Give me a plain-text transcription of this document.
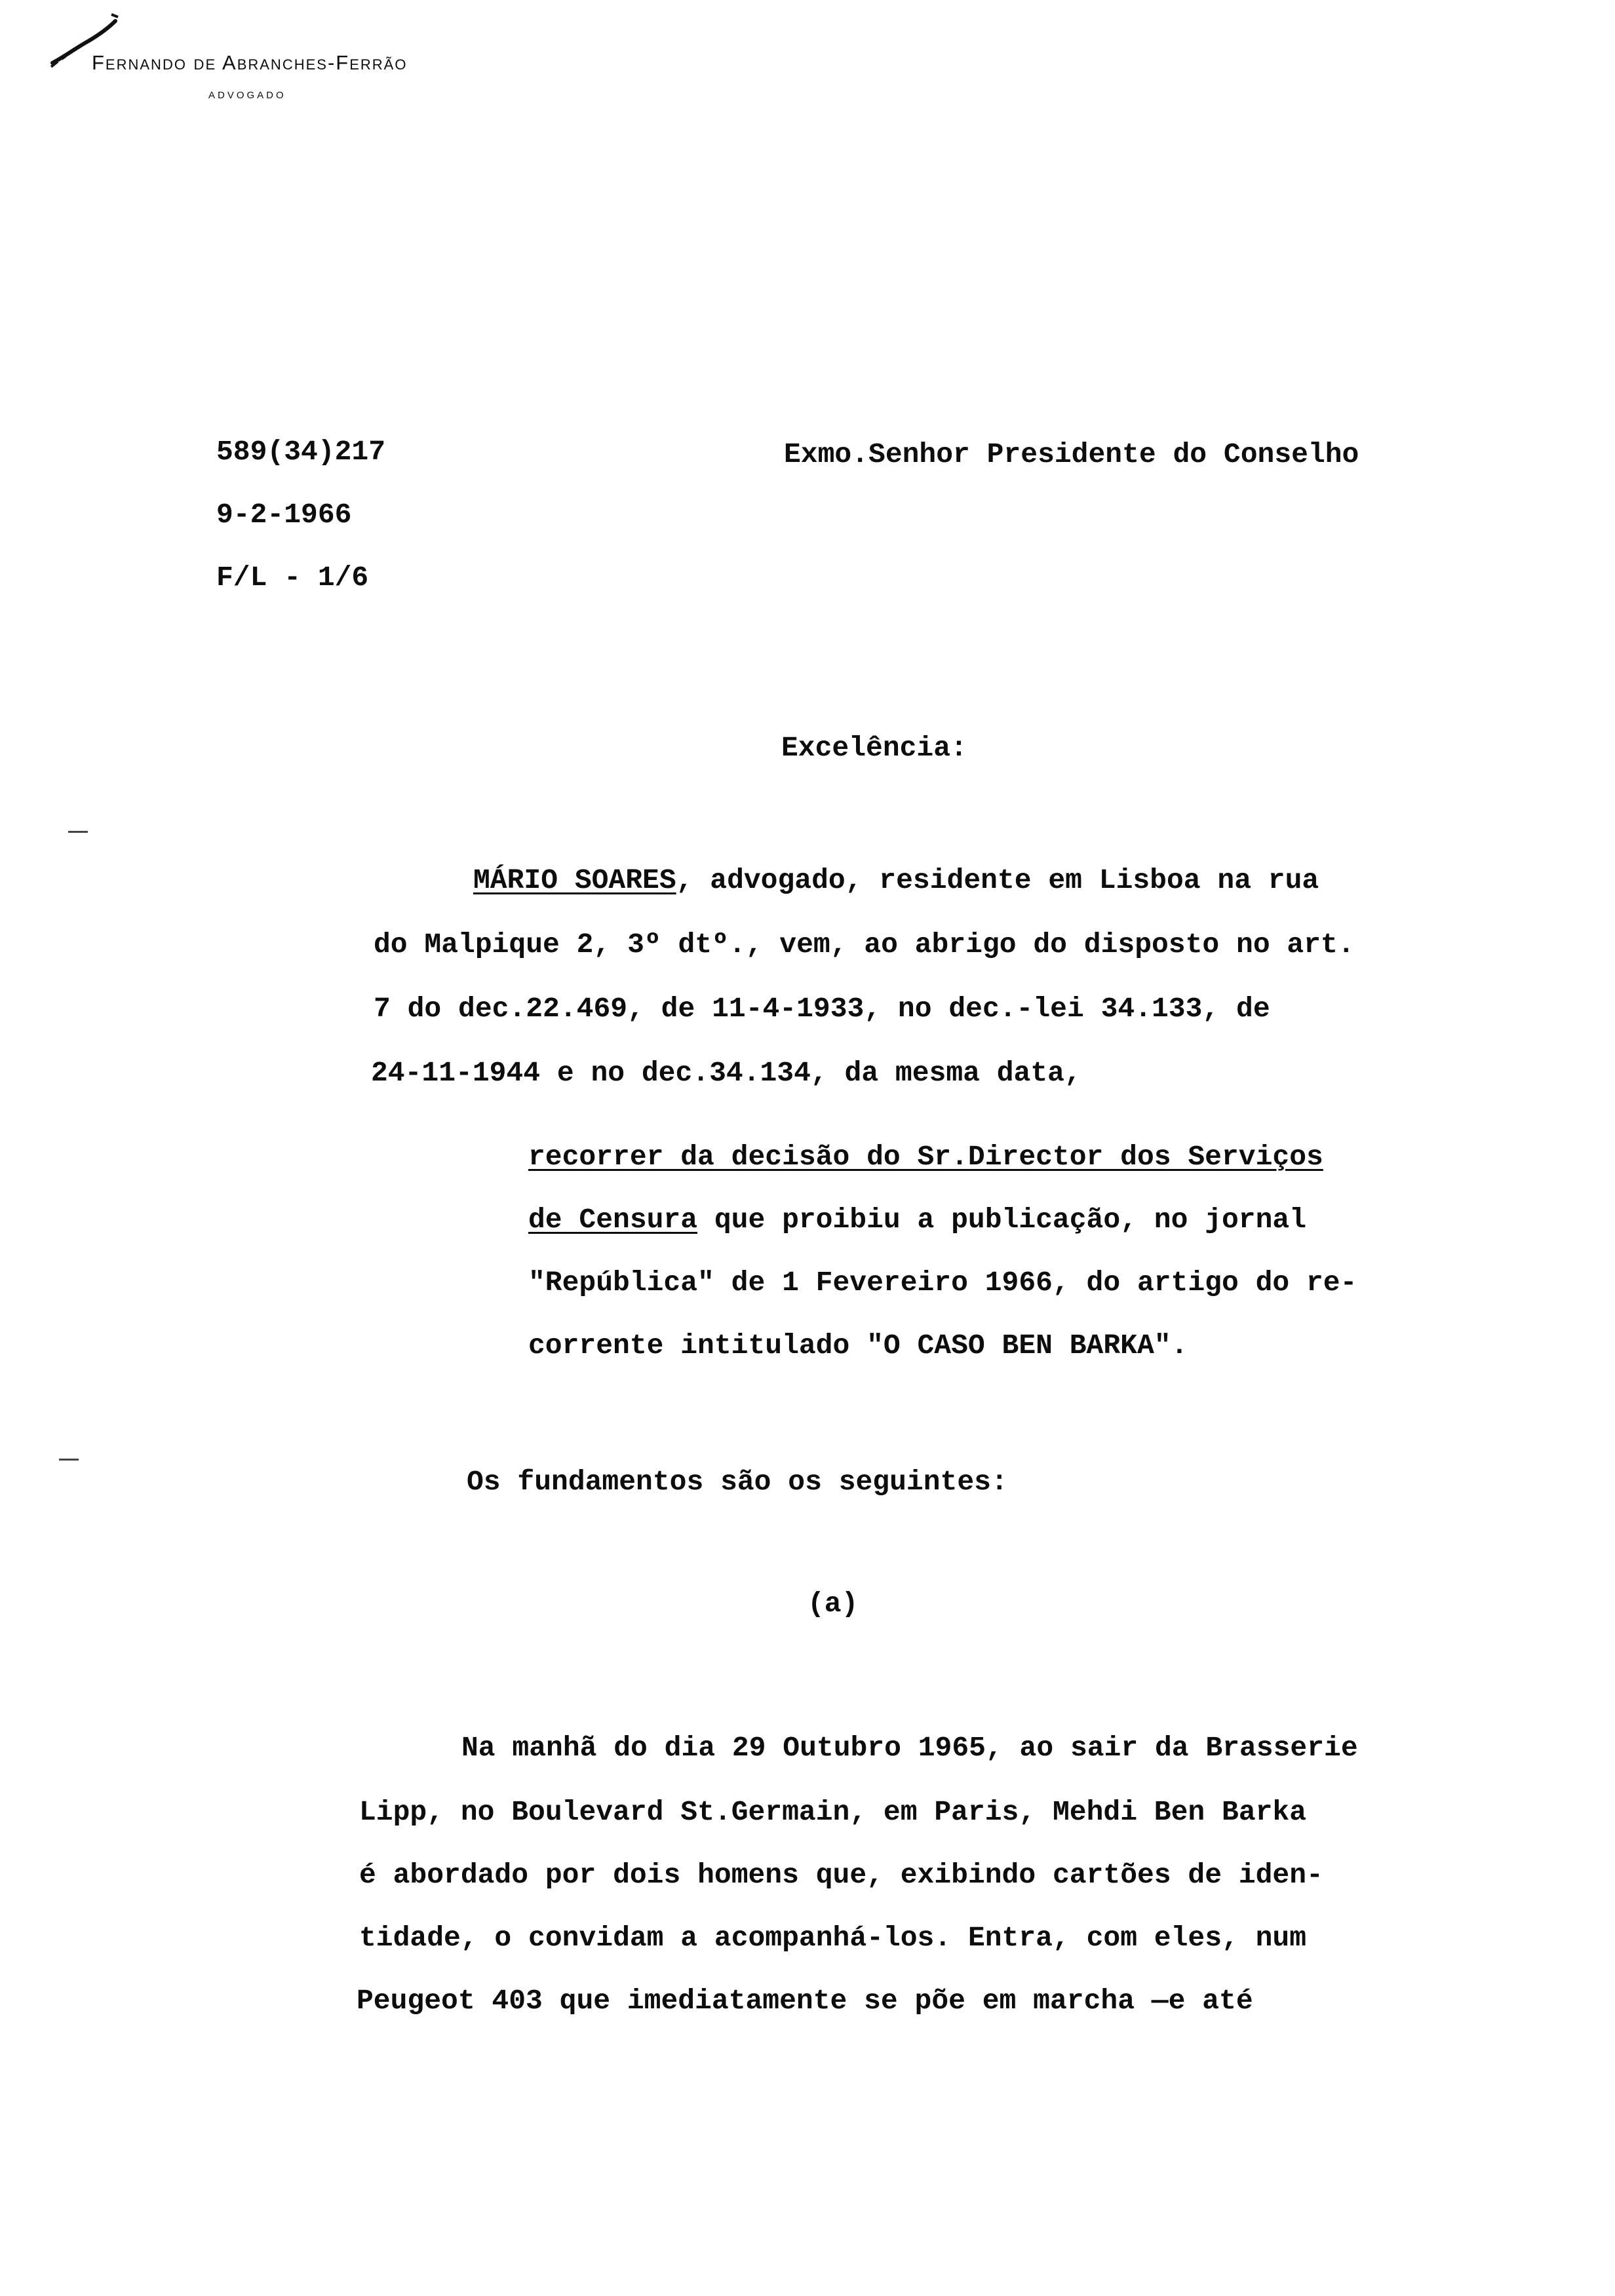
Fernando de Abranches-Ferrão
advogado

589(34)217

9-2-1966

F/L - 1/6

Exmo.Senhor Presidente do Conselho

Excelência:

MÁRIO SOARES, advogado, residente em Lisboa na rua

do Malpique 2, 3º dtº., vem, ao abrigo do disposto no art.

7 do dec.22.469, de 11-4-1933, no dec.-lei 34.133, de

24-11-1944 e no dec.34.134, da mesma data,

recorrer da decisão do Sr.Director dos Serviços

de Censura que proibiu a publicação, no jornal

"República" de 1 Fevereiro 1966, do artigo do re-

corrente intitulado "O CASO BEN BARKA".

Os fundamentos são os seguintes:

(a)

Na manhã do dia 29 Outubro 1965, ao sair da Brasserie

Lipp, no Boulevard St.Germain, em Paris, Mehdi Ben Barka

é abordado por dois homens que, exibindo cartões de iden-

tidade, o convidam a acompanhá-los. Entra, com eles, num

Peugeot 403 que imediatamente se põe em marcha —e até
